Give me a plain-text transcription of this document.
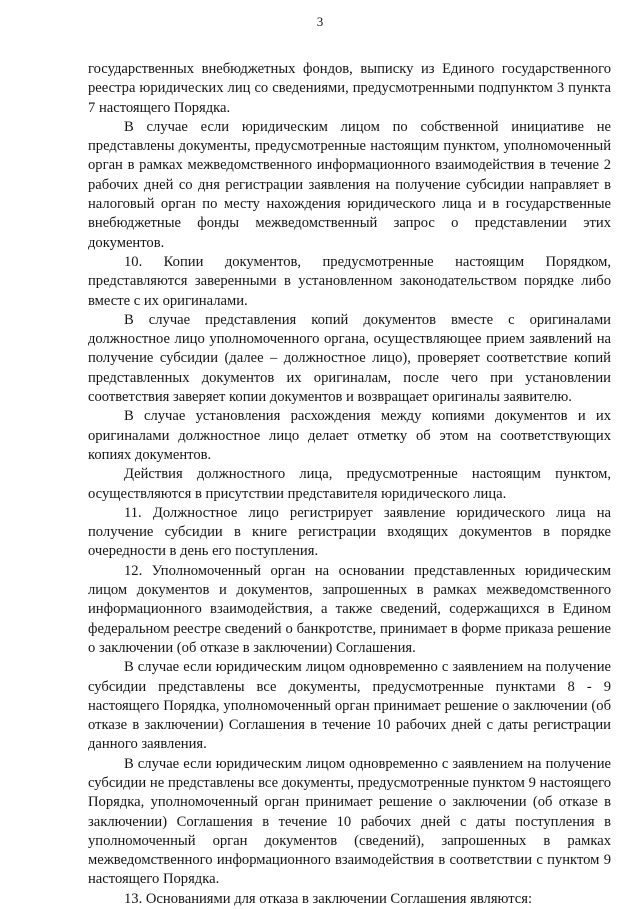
3

государственных внебюджетных фондов, выписку из Единого государственного реестра юридических лиц со сведениями, предусмотренными подпунктом 3 пункта 7 настоящего Порядка.

В случае если юридическим лицом по собственной инициативе не представлены документы, предусмотренные настоящим пунктом, уполномоченный орган в рамках межведомственного информационного взаимодействия в течение 2 рабочих дней со дня регистрации заявления на получение субсидии направляет в налоговый орган по месту нахождения юридического лица и в государственные внебюджетные фонды межведомственный запрос о представлении этих документов.

10. Копии документов, предусмотренные настоящим Порядком, представляются заверенными в установленном законодательством порядке либо вместе с их оригиналами.

В случае представления копий документов вместе с оригиналами должностное лицо уполномоченного органа, осуществляющее прием заявлений на получение субсидии (далее – должностное лицо), проверяет соответствие копий представленных документов их оригиналам, после чего при установлении соответствия заверяет копии документов и возвращает оригиналы заявителю.

В случае установления расхождения между копиями документов и их оригиналами должностное лицо делает отметку об этом на соответствующих копиях документов.

Действия должностного лица, предусмотренные настоящим пунктом, осуществляются в присутствии представителя юридического лица.

11. Должностное лицо регистрирует заявление юридического лица на получение субсидии в книге регистрации входящих документов в порядке очередности в день его поступления.

12. Уполномоченный орган на основании представленных юридическим лицом документов и документов, запрошенных в рамках межведомственного информационного взаимодействия, а также сведений, содержащихся в Едином федеральном реестре сведений о банкротстве, принимает в форме приказа решение о заключении (об отказе в заключении) Соглашения.

В случае если юридическим лицом одновременно с заявлением на получение субсидии представлены все документы, предусмотренные пунктами 8 - 9 настоящего Порядка, уполномоченный орган принимает решение о заключении (об отказе в заключении) Соглашения в течение 10 рабочих дней с даты регистрации данного заявления.

В случае если юридическим лицом одновременно с заявлением на получение субсидии не представлены все документы, предусмотренные пунктом 9 настоящего Порядка, уполномоченный орган принимает решение о заключении (об отказе в заключении) Соглашения в течение 10 рабочих дней с даты поступления в уполномоченный орган документов (сведений), запрошенных в рамках межведомственного информационного взаимодействия в соответствии с пунктом 9 настоящего Порядка.

13. Основаниями для отказа в заключении Соглашения являются:
